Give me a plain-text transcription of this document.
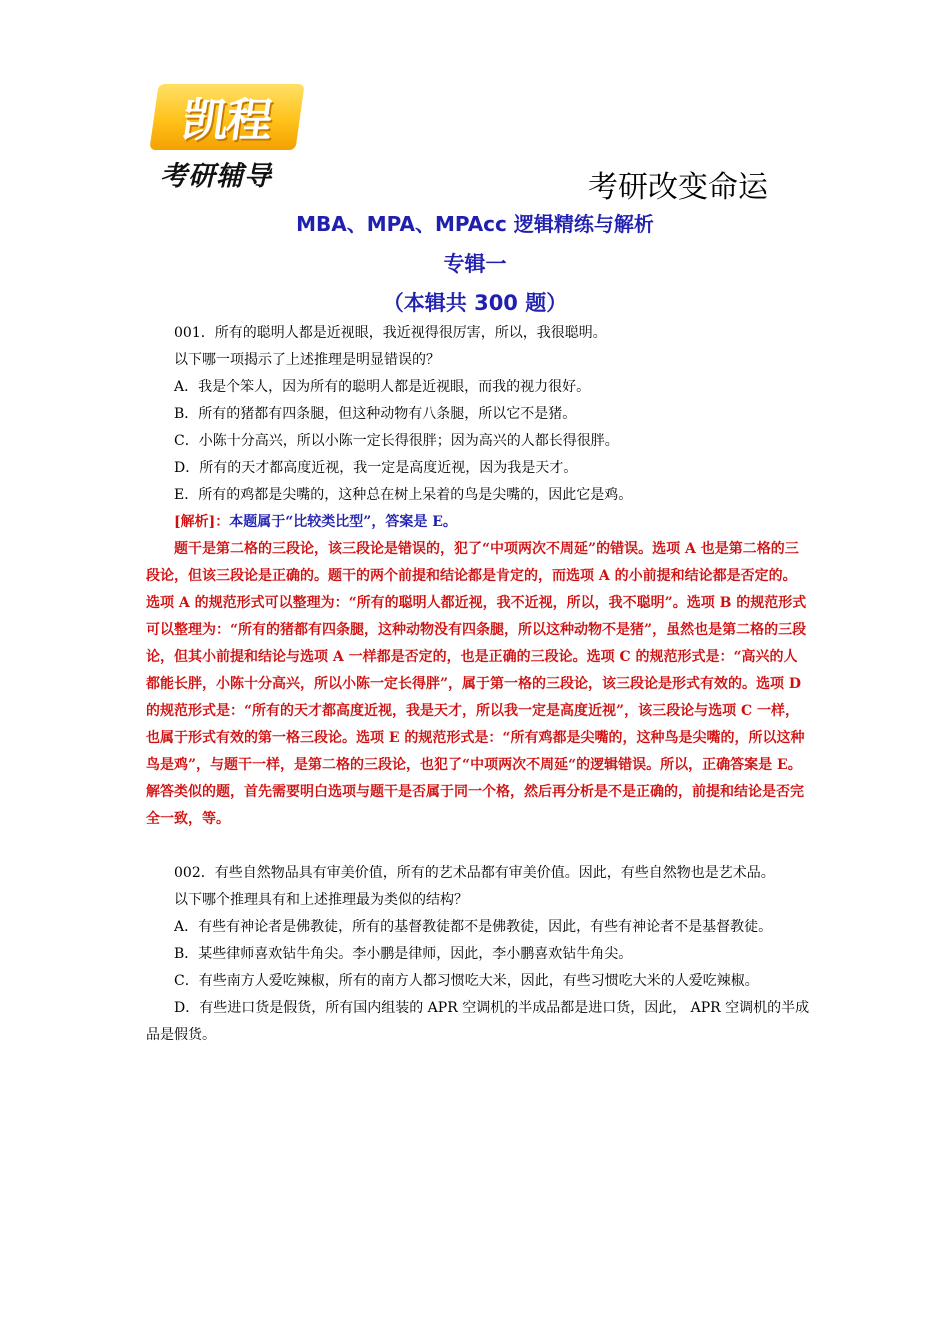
凯程
考研辅导	考研改变命运
MBA、MPA、MPAcc 逻辑精练与解析
专辑一
（本辑共 300 题）

001．所有的聪明人都是近视眼，我近视得很厉害，所以，我很聪明。

以下哪一项揭示了上述推理是明显错误的？

A．我是个笨人，因为所有的聪明人都是近视眼，而我的视力很好。

B．所有的猪都有四条腿，但这种动物有八条腿，所以它不是猪。

C．小陈十分高兴，所以小陈一定长得很胖；因为高兴的人都长得很胖。

D．所有的天才都高度近视，我一定是高度近视，因为我是天才。

E．所有的鸡都是尖嘴的，这种总在树上呆着的鸟是尖嘴的，因此它是鸡。

[解析]：本题属于“比较类比型”，答案是 E。

题干是第二格的三段论，该三段论是错误的，犯了“中项两次不周延”的错误。选项 A 也是第二格的三段论，但该三段论是正确的。题干的两个前提和结论都是肯定的，而选项 A 的小前提和结论都是否定的。选项 A 的规范形式可以整理为：“所有的聪明人都近视，我不近视，所以，我不聪明”。选项 B 的规范形式可以整理为：“所有的猪都有四条腿，这种动物没有四条腿，所以这种动物不是猪”，虽然也是第二格的三段论，但其小前提和结论与选项 A 一样都是否定的，也是正确的三段论。选项 C 的规范形式是：“高兴的人都能长胖，小陈十分高兴，所以小陈一定长得胖”，属于第一格的三段论，该三段论是形式有效的。选项 D 的规范形式是：“所有的天才都高度近视，我是天才，所以我一定是高度近视”，该三段论与选项 C 一样，也属于形式有效的第一格三段论。选项 E 的规范形式是：“所有鸡都是尖嘴的，这种鸟是尖嘴的，所以这种鸟是鸡”，与题干一样，是第二格的三段论，也犯了“中项两次不周延“的逻辑错误。所以，正确答案是 E。解答类似的题，首先需要明白选项与题干是否属于同一个格，然后再分析是不是正确的，前提和结论是否完全一致，等。

002．有些自然物品具有审美价值，所有的艺术品都有审美价值。因此，有些自然物也是艺术品。

以下哪个推理具有和上述推理最为类似的结构？

A．有些有神论者是佛教徒，所有的基督教徒都不是佛教徒，因此，有些有神论者不是基督教徒。

B．某些律师喜欢钻牛角尖。李小鹏是律师，因此，李小鹏喜欢钻牛角尖。

C．有些南方人爱吃辣椒，所有的南方人都习惯吃大米，因此，有些习惯吃大米的人爱吃辣椒。

D．有些进口货是假货，所有国内组装的 APR 空调机的半成品都是进口货，因此， APR 空调机的半成品是假货。
